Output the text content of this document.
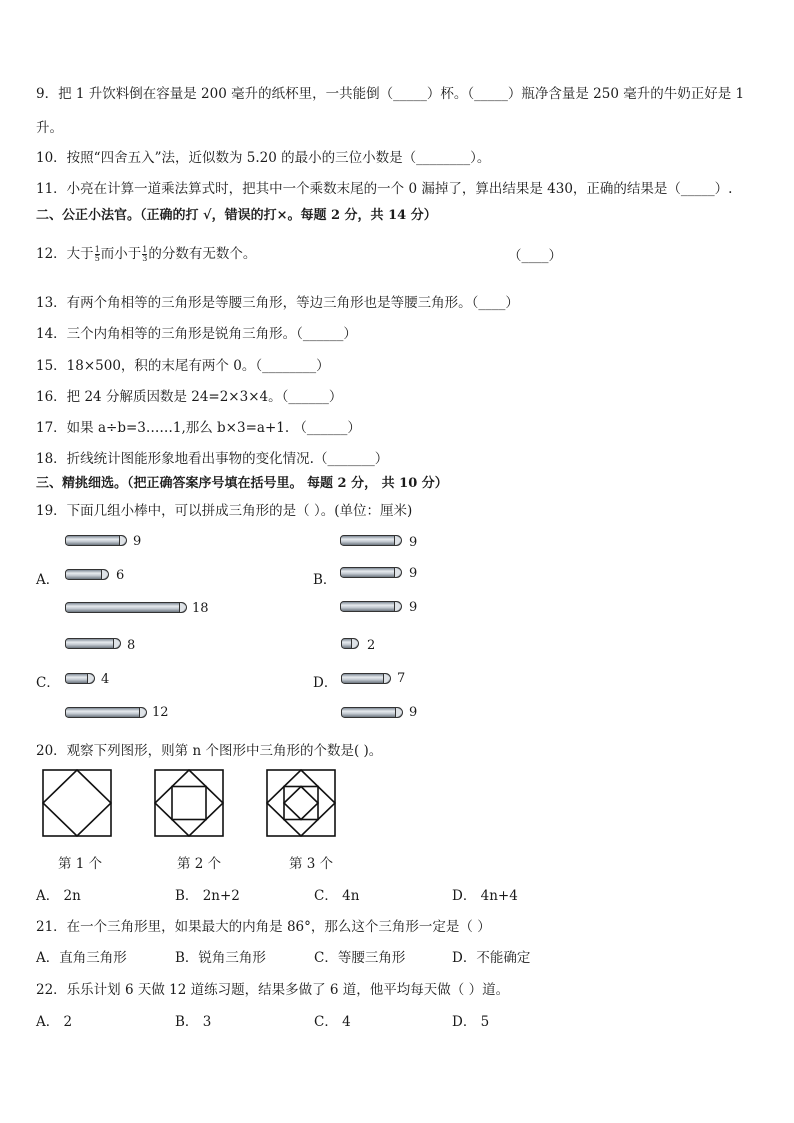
9．把 1 升饮料倒在容量是 200 毫升的纸杯里，一共能倒（_____）杯。（_____）瓶净含量是 250 毫升的牛奶正好是 1
升。
10．按照“四舍五入”法，近似数为 5.20 的最小的三位小数是（________）。
11．小亮在计算一道乘法算式时，把其中一个乘数末尾的一个 0 漏掉了，算出结果是 430，正确的结果是（_____）.
二、公正小法官。（正确的打 √，错误的打×。每题 2 分，共 14 分）
12．大于 $\frac{1}{5}$ 而小于 $\frac{1}{3}$ 的分数有无数个。	（____）
13．有两个角相等的三角形是等腰三角形，等边三角形也是等腰三角形。（____）
14．三个内角相等的三角形是锐角三角形。（______）
15．18×500，积的末尾有两个 0。（________）
16．把 24 分解质因数是 24=2×3×4。（______）
17．如果 a÷b=3……1,那么 b×3=a+1. （______）
18．折线统计图能形象地看出事物的变化情况.（_______）
三、精挑细选。（把正确答案序号填在括号里。 每题 2 分， 共 10 分）
19．下面几组小棒中，可以拼成三角形的是（ ）。(单位：厘米)
9
A．	6
18
9
B．	9
9
8
C．	4
12
2
D．	7
9
20．观察下列图形，则第 n 个图形中三角形的个数是( )。
第 1 个	第 2 个	第 3 个
A． 2n	B． 2n+2	C． 4n	D． 4n+4
21．在一个三角形里，如果最大的内角是 86°，那么这个三角形一定是（ ）
A．直角三角形	B．锐角三角形	C．等腰三角形	D．不能确定
22．乐乐计划 6 天做 12 道练习题，结果多做了 6 道，他平均每天做（ ）道。
A． 2	B． 3	C． 4	D． 5
